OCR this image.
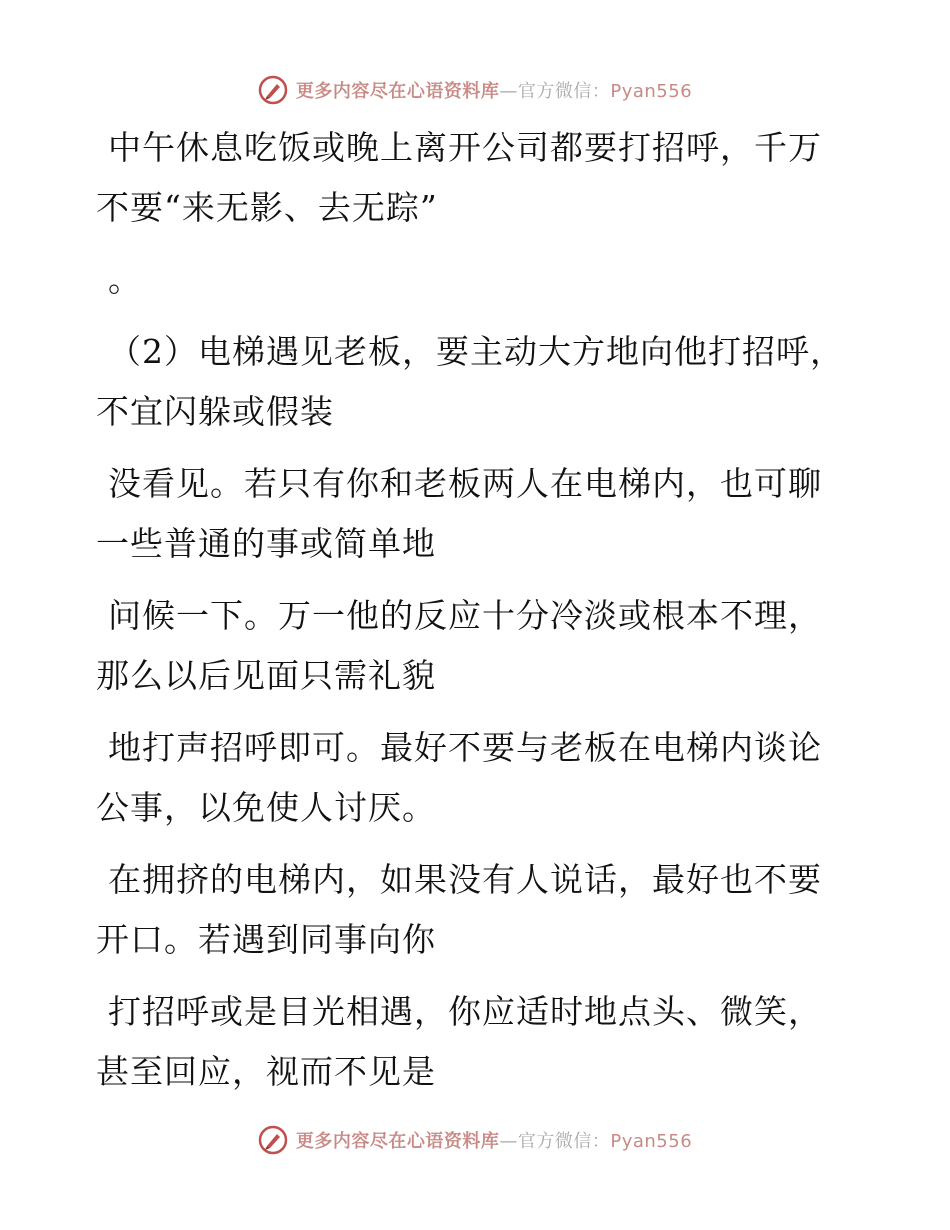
更多内容尽在心语资料库—官方微信：Pyan556

中午休息吃饭或晚上离开公司都要打招呼，千万
不要“来无影、去无踪”

。

（2）电梯遇见老板，要主动大方地向他打招呼，
不宜闪躲或假装

没看见。若只有你和老板两人在电梯内，也可聊
一些普通的事或简单地

问候一下。万一他的反应十分冷淡或根本不理，
那么以后见面只需礼貌

地打声招呼即可。最好不要与老板在电梯内谈论
公事，以免使人讨厌。

在拥挤的电梯内，如果没有人说话，最好也不要
开口。若遇到同事向你

打招呼或是目光相遇，你应适时地点头、微笑，
甚至回应，视而不见是

更多内容尽在心语资料库—官方微信：Pyan556
